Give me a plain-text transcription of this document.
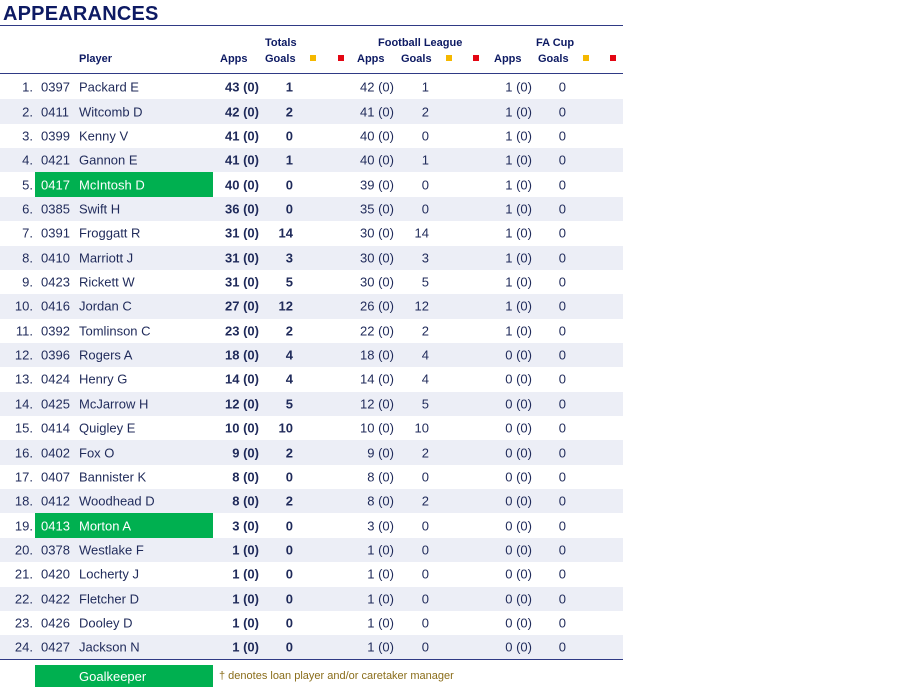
APPEARANCES
Totals	Football League	FA Cup
Player	Apps Goals	Apps Goals	Apps Goals
1. 0397 Packard E	43 (0) 1	42 (0) 1	1 (0) 0
2. 0411 Witcomb D	42 (0) 2	41 (0) 2	1 (0) 0
3. 0399 Kenny V	41 (0) 0	40 (0) 0	1 (0) 0
4. 0421 Gannon E	41 (0) 1	40 (0) 1	1 (0) 0
5. 0417 McIntosh D	40 (0) 0	39 (0) 0	1 (0) 0
6. 0385 Swift H	36 (0) 0	35 (0) 0	1 (0) 0
7. 0391 Froggatt R	31 (0) 14	30 (0) 14	1 (0) 0
8. 0410 Marriott J	31 (0) 3	30 (0) 3	1 (0) 0
9. 0423 Rickett W	31 (0) 5	30 (0) 5	1 (0) 0
10. 0416 Jordan C	27 (0) 12	26 (0) 12	1 (0) 0
11. 0392 Tomlinson C	23 (0) 2	22 (0) 2	1 (0) 0
12. 0396 Rogers A	18 (0) 4	18 (0) 4	0 (0) 0
13. 0424 Henry G	14 (0) 4	14 (0) 4	0 (0) 0
14. 0425 McJarrow H	12 (0) 5	12 (0) 5	0 (0) 0
15. 0414 Quigley E	10 (0) 10	10 (0) 10	0 (0) 0
16. 0402 Fox O	9 (0) 2	9 (0) 2	0 (0) 0
17. 0407 Bannister K	8 (0) 0	8 (0) 0	0 (0) 0
18. 0412 Woodhead D	8 (0) 2	8 (0) 2	0 (0) 0
19. 0413 Morton A	3 (0) 0	3 (0) 0	0 (0) 0
20. 0378 Westlake F	1 (0) 0	1 (0) 0	0 (0) 0
21. 0420 Locherty J	1 (0) 0	1 (0) 0	0 (0) 0
22. 0422 Fletcher D	1 (0) 0	1 (0) 0	0 (0) 0
23. 0426 Dooley D	1 (0) 0	1 (0) 0	0 (0) 0
24. 0427 Jackson N	1 (0) 0	1 (0) 0	0 (0) 0
Goalkeeper	† denotes loan player and/or caretaker manager
